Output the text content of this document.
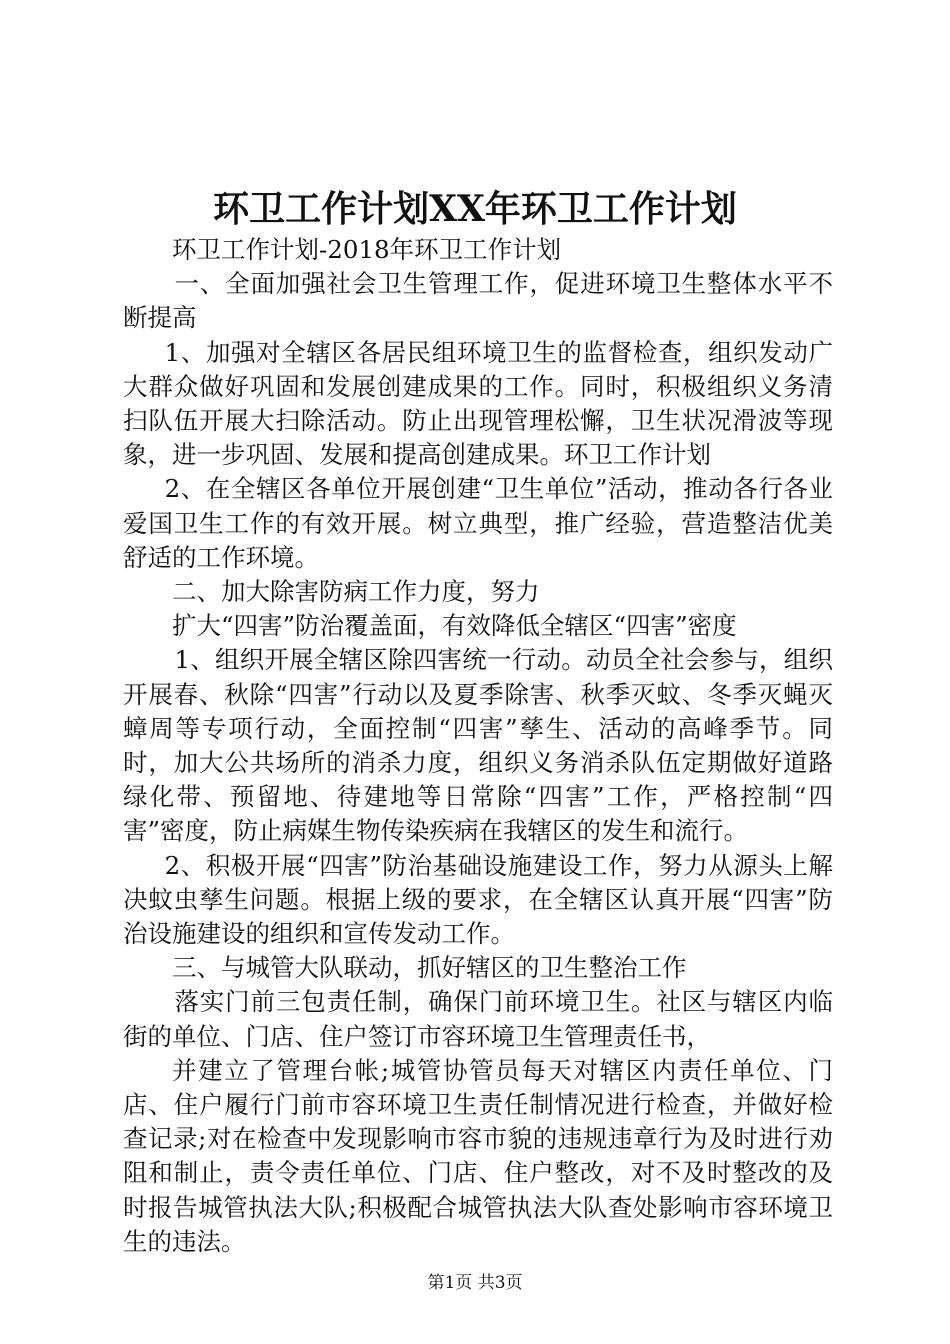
环卫工作计划XX年环卫工作计划

环卫工作计划-2018年环卫工作计划

一、全面加强社会卫生管理工作，促进环境卫生整体水平不断提高

1、加强对全辖区各居民组环境卫生的监督检查，组织发动广大群众做好巩固和发展创建成果的工作。同时，积极组织义务清扫队伍开展大扫除活动。防止出现管理松懈，卫生状况滑波等现象，进一步巩固、发展和提高创建成果。环卫工作计划

2、在全辖区各单位开展创建“卫生单位”活动，推动各行各业爱国卫生工作的有效开展。树立典型，推广经验，营造整洁优美舒适的工作环境。

二、加大除害防病工作力度，努力

扩大“四害”防治覆盖面，有效降低全辖区“四害”密度

1、组织开展全辖区除四害统一行动。动员全社会参与，组织开展春、秋除“四害”行动以及夏季除害、秋季灭蚊、冬季灭蝇灭蟑周等专项行动，全面控制“四害”孳生、活动的高峰季节。同时，加大公共场所的消杀力度，组织义务消杀队伍定期做好道路绿化带、预留地、待建地等日常除“四害”工作，严格控制“四害”密度，防止病媒生物传染疾病在我辖区的发生和流行。

2、积极开展“四害”防治基础设施建设工作，努力从源头上解决蚊虫孳生问题。根据上级的要求，在全辖区认真开展“四害”防治设施建设的组织和宣传发动工作。

三、与城管大队联动，抓好辖区的卫生整治工作

落实门前三包责任制，确保门前环境卫生。社区与辖区内临街的单位、门店、住户签订市容环境卫生管理责任书，

并建立了管理台帐;城管协管员每天对辖区内责任单位、门店、住户履行门前市容环境卫生责任制情况进行检查，并做好检查记录;对在检查中发现影响市容市貌的违规违章行为及时进行劝阻和制止，责令责任单位、门店、住户整改，对不及时整改的及时报告城管执法大队;积极配合城管执法大队查处影响市容环境卫生的违法。

第1页 共3页
